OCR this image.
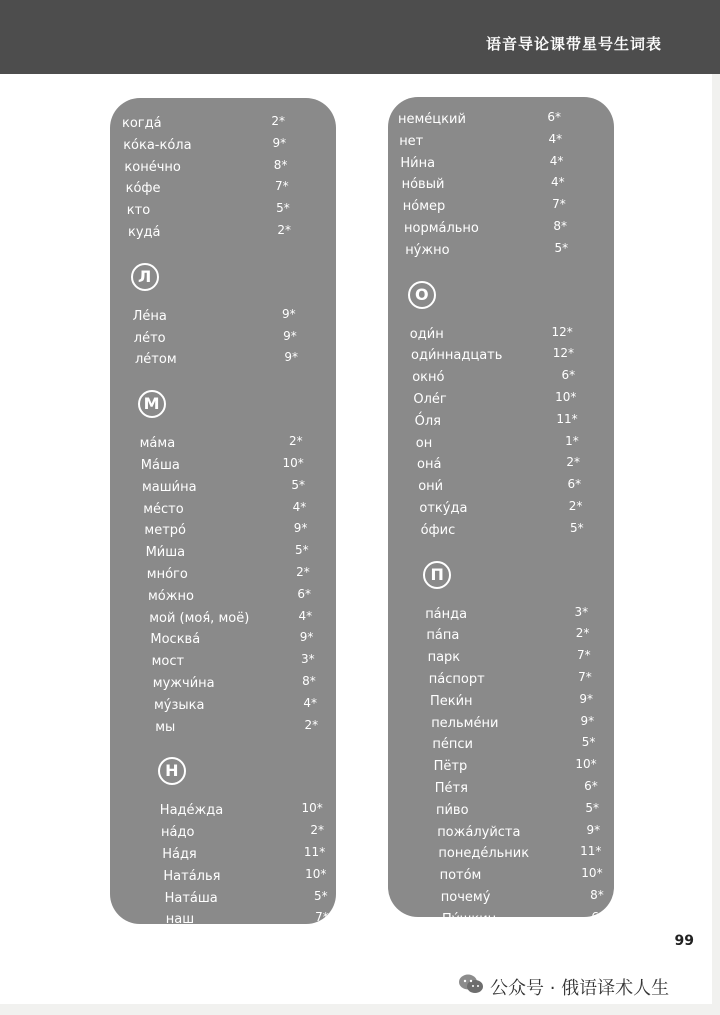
语音导论课带星号生词表
когда́	2*
ко́ка-ко́ла	9*
коне́чно	8*
ко́фе	7*
кто	5*
куда́	2*
Л
Ле́на	9*
ле́то	9*
ле́том	9*
М
ма́ма	2*
Ма́ша	10*
маши́на	5*
ме́сто	4*
метро́	9*
Ми́ша	5*
мно́го	2*
мо́жно	6*
мой (моя́, моё)	4*
Москва́	9*
мост	3*
мужчи́на	8*
му́зыка	4*
мы	2*
Н
Наде́жда	10*
на́до	2*
На́дя	11*
Ната́лья	10*
Ната́ша	5*
наш	7*
не	4*
неме́цкий	6*
нет	4*
Ни́на	4*
но́вый	4*
но́мер	7*
норма́льно	8*
ну́жно	5*
О
оди́н	12*
оди́ннадцать	12*
окно́	6*
Оле́г	10*
О́ля	11*
он	1*
она́	2*
они́	6*
отку́да	2*
о́фис	5*
П
па́нда	3*
па́па	2*
парк	7*
па́спорт	7*
Пеки́н	9*
пельме́ни	9*
пе́пси	5*
Пётр	10*
Пе́тя	6*
пи́во	5*
пожа́луйста	9*
понеде́льник	11*
пото́м	10*
почему́	8*
Пу́шкин	6*
99
公众号 · 俄语译术人生
